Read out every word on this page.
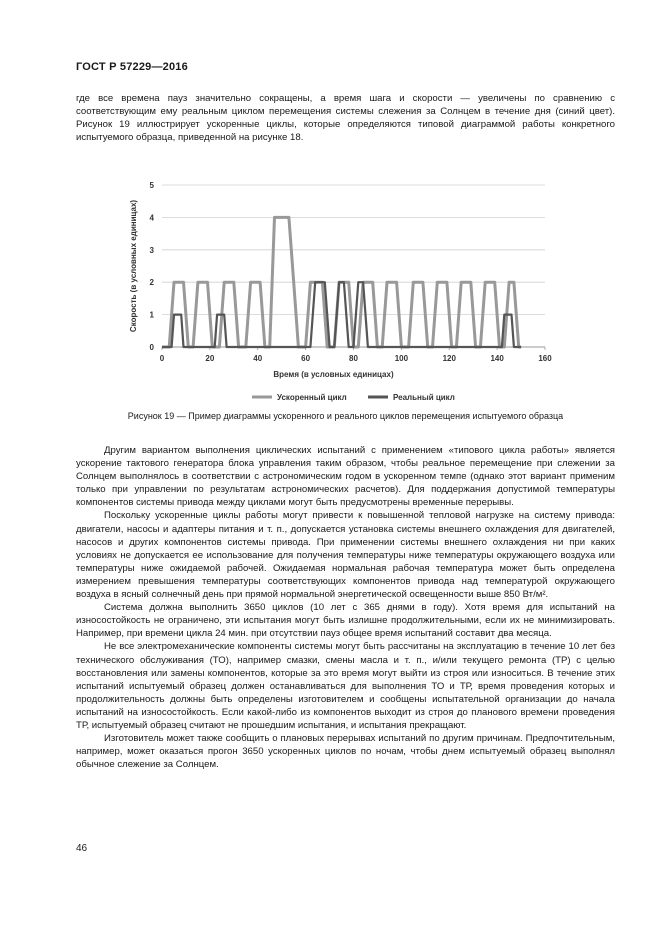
ГОСТ Р 57229—2016

где все времена пауз значительно сокращены, а время шага и скорости — увеличены по сравнению с соответствующим ему реальным циклом перемещения системы слежения за Солнцем в течение дня (синий цвет). Рисунок 19 иллюстрирует ускоренные циклы, которые определяются типовой диаграммой работы конкретного испытуемого образца, приведенной на рисунке 18.

0
1
2
3
4
5
0	20	40	60	80	100	120	140	160
Скорость (в условных единицах)
Время (в условных единицах)
Ускоренный цикл	Реальный цикл
Рисунок 19 — Пример диаграммы ускоренного и реального циклов перемещения испытуемого образца

Другим вариантом выполнения циклических испытаний с применением «типового цикла работы» является ускорение тактового генератора блока управления таким образом, чтобы реальное перемещение при слежении за Солнцем выполнялось в соответствии с астрономическим годом в ускоренном темпе (однако этот вариант применим только при управлении по результатам астрономических расчетов). Для поддержания допустимой температуры компонентов системы привода между циклами могут быть предусмотрены временные перерывы.

Поскольку ускоренные циклы работы могут привести к повышенной тепловой нагрузке на систему привода: двигатели, насосы и адаптеры питания и т. п., допускается установка системы внешнего охлаждения для двигателей, насосов и других компонентов системы привода. При применении системы внешнего охлаждения ни при каких условиях не допускается ее использование для получения температуры ниже температуры окружающего воздуха или температуры ниже ожидаемой рабочей. Ожидаемая нормальная рабочая температура может быть определена измерением превышения температуры соответствующих компонентов привода над температурой окружающего воздуха в ясный солнечный день при прямой нормальной энергетической освещенности выше 850 Вт/м².

Система должна выполнить 3650 циклов (10 лет с 365 днями в году). Хотя время для испытаний на износостойкость не ограничено, эти испытания могут быть излишне продолжительными, если их не минимизировать. Например, при времени цикла 24 мин. при отсутствии пауз общее время испытаний составит два месяца.

Не все электромеханические компоненты системы могут быть рассчитаны на эксплуатацию в течение 10 лет без технического обслуживания (ТО), например смазки, смены масла и т. п., и/или текущего ремонта (ТР) с целью восстановления или замены компонентов, которые за это время могут выйти из строя или износиться. В течение этих испытаний испытуемый образец должен останавливаться для выполнения ТО и ТР, время проведения которых и продолжительность должны быть определены изготовителем и сообщены испытательной организации до начала испытаний на износостойкость. Если какой-либо из компонентов выходит из строя до планового времени проведения ТР, испытуемый образец считают не прошедшим испытания, и испытания прекращают.

Изготовитель может также сообщить о плановых перерывах испытаний по другим причинам. Предпочтительным, например, может оказаться прогон 3650 ускоренных циклов по ночам, чтобы днем испытуемый образец выполнял обычное слежение за Солнцем.

46
